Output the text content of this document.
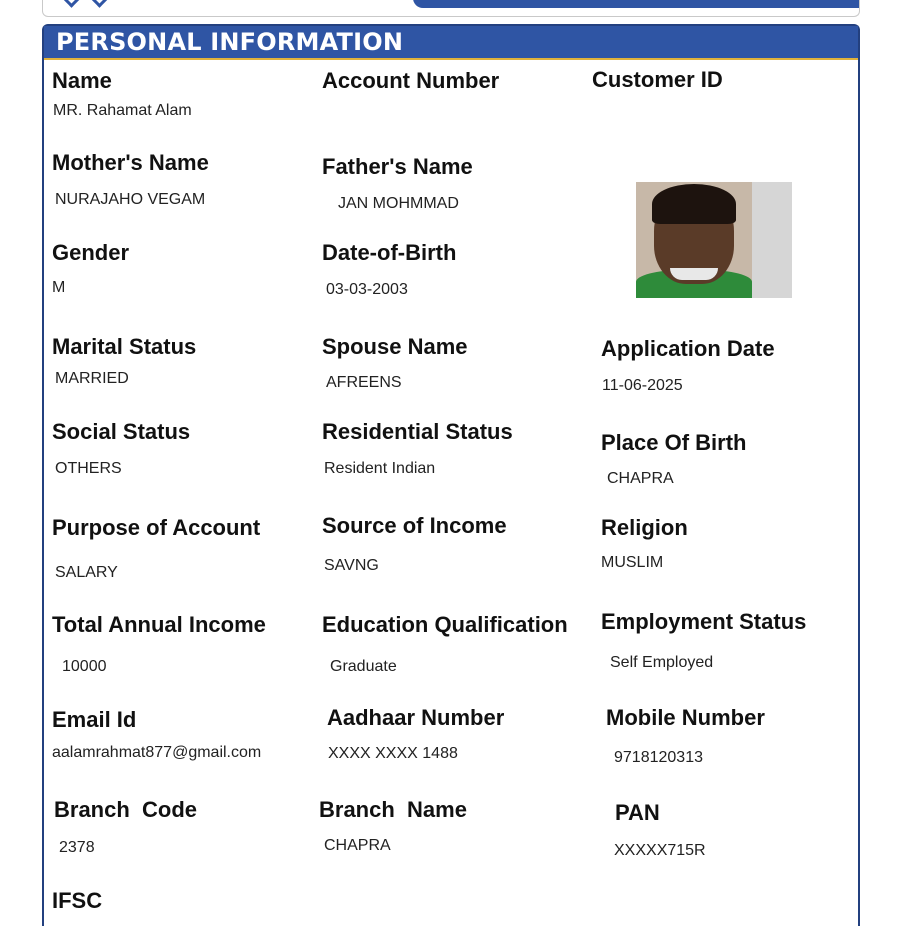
PERSONAL INFORMATION
Name
MR. Rahamat Alam
Account Number	Customer ID
Mother's Name
NURAJAHO VEGAM
Father's Name
JAN MOHMMAD
Gender
M
Date-of-Birth
03-03-2003
Marital Status
MARRIED
Spouse Name
AFREENS
Application Date
11-06-2025
Social Status
OTHERS
Residential Status
Resident Indian
Place Of Birth
CHAPRA
Purpose of Account
SALARY
Source of Income
SAVNG
Religion
MUSLIM
Total Annual Income
10000
Education Qualification
Graduate
Employment Status
Self Employed
Email Id
aalamrahmat877@gmail.com
Aadhaar Number
XXXX XXXX 1488
Mobile Number
9718120313
Branch  Code
2378
Branch  Name
CHAPRA
PAN
XXXXX715R
IFSC
